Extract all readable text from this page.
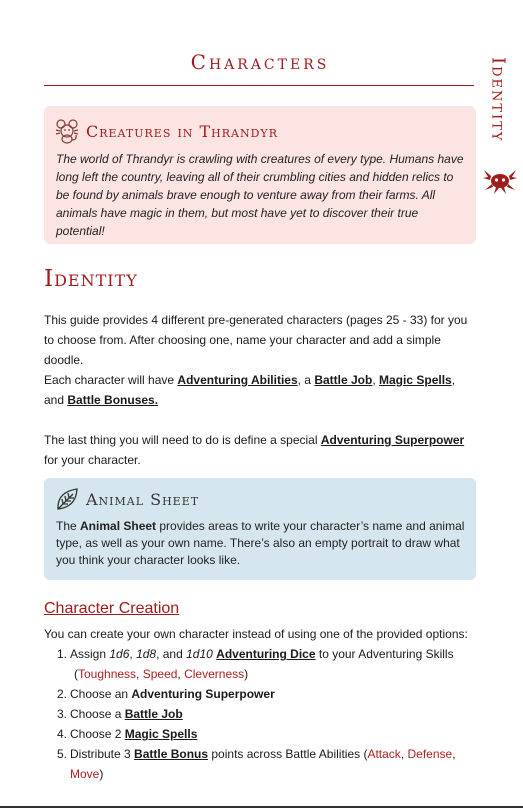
Characters	Identity
Creatures in Thrandyr

The world of Thrandyr is crawling with creatures of every type. Humans have long left the country, leaving all of their crumbling cities and hidden relics to be found by animals brave enough to venture away from their farms. All animals have magic in them, but most have yet to discover their true potential!

Identity

This guide provides 4 different pre-generated characters (pages 25 - 33) for you to choose from. After choosing one, name your character and add a simple doodle.

Each character will have Adventuring Abilities, a Battle Job, Magic Spells, and Battle Bonuses.

The last thing you will need to do is define a special Adventuring Superpower for your character.

Animal Sheet

The Animal Sheet provides areas to write your character’s name and animal type, as well as your own name. There’s also an empty portrait to draw what you think your character looks like.

Character Creation

You can create your own character instead of using one of the provided options:

1. Assign 1d6, 1d8, and 1d10 Adventuring Dice to your Adventuring Skills
(Toughness, Speed, Cleverness)
2. Choose an Adventuring Superpower
3. Choose a Battle Job
4. Choose 2 Magic Spells
5. Distribute 3 Battle Bonus points across Battle Abilities (Attack, Defense, Move)
